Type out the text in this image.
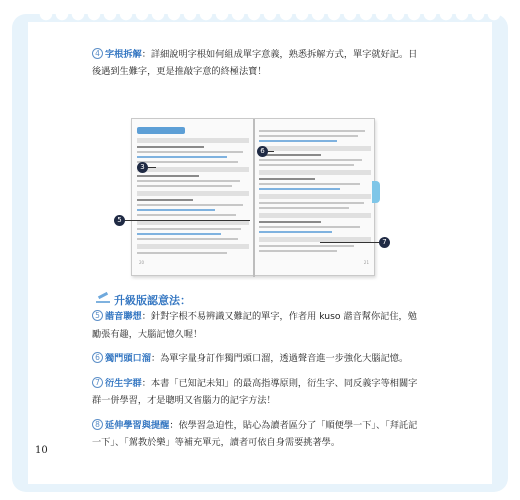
4 字根拆解：詳細說明字根如何組成單字意義，熟悉拆解方式，單字就好記。日後遇到生難字，更是推敲字意的終極法寶！
20	21
3
5
6
7
升級版認意法：
5 諧音聯想：針對字根不易辨識又難記的單字，作者用 kuso 諧音幫你記住，勉勵張有趣，大腦記憶久喔！
6 獨門頭口溜：為單字量身訂作獨門頭口溜，透過聲音進一步強化大腦記憶。
7 衍生字群：本書「已知記未知」的最高指導原則，衍生字、同反義字等相關字群一併學習，才是聰明又省腦力的記字方法！
8 延伸學習與提醒：依學習急迫性，貼心為讀者區分了「順便學一下」、「拜託記一下」、「駕教於樂」等補充單元，讀者可依自身需要挑著學。
10
